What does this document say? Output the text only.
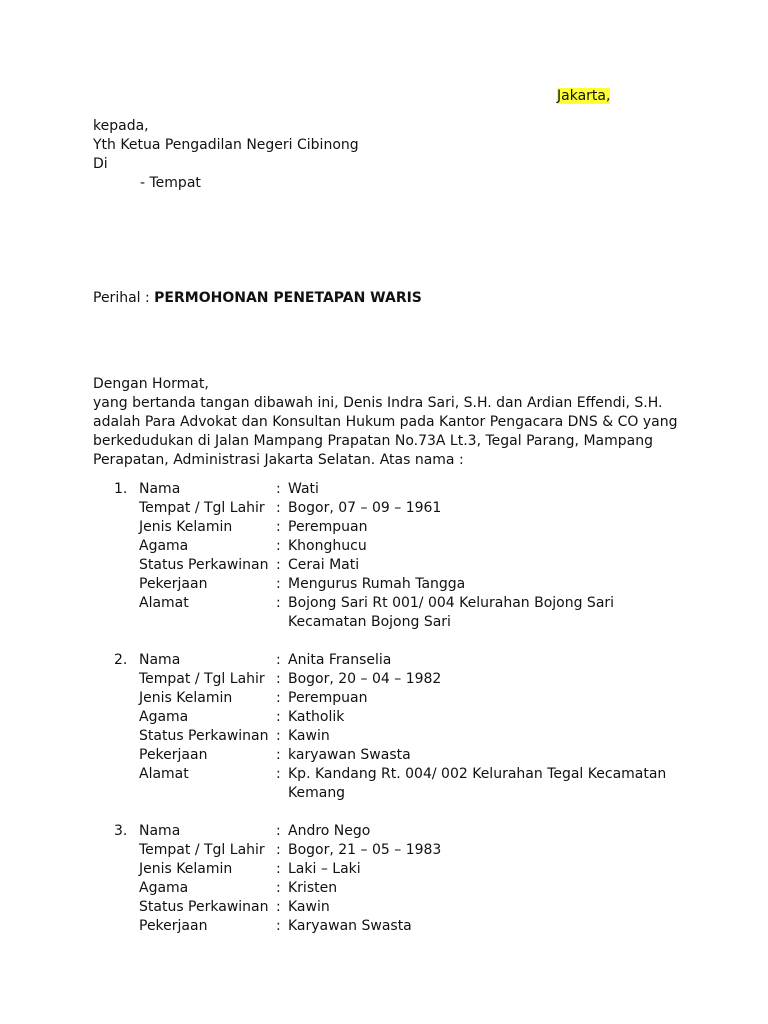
Jakarta,
kepada,
Yth Ketua Pengadilan Negeri Cibinong
Di
- Tempat
Perihal : PERMOHONAN PENETAPAN WARIS
Dengan Hormat,
yang bertanda tangan dibawah ini, Denis Indra Sari, S.H. dan Ardian Effendi, S.H.
adalah Para Advokat dan Konsultan Hukum pada Kantor Pengacara DNS & CO yang
berkedudukan di Jalan Mampang Prapatan No.73A Lt.3, Tegal Parang, Mampang
Perapatan, Administrasi Jakarta Selatan. Atas nama :
1. Nama	: Wati
Tempat / Tgl Lahir : Bogor, 07 – 09 – 1961
Jenis Kelamin	: Perempuan
Agama	: Khonghucu
Status Perkawinan : Cerai Mati
Pekerjaan	: Mengurus Rumah Tangga
Alamat	: Bojong Sari Rt 001/ 004 Kelurahan Bojong Sari
Kecamatan Bojong Sari
2. Nama	: Anita Franselia
Tempat / Tgl Lahir : Bogor, 20 – 04 – 1982
Jenis Kelamin	: Perempuan
Agama	: Katholik
Status Perkawinan : Kawin
Pekerjaan	: karyawan Swasta
Alamat	: Kp. Kandang Rt. 004/ 002 Kelurahan Tegal Kecamatan
Kemang
3. Nama	: Andro Nego
Tempat / Tgl Lahir : Bogor, 21 – 05 – 1983
Jenis Kelamin	: Laki – Laki
Agama	: Kristen
Status Perkawinan : Kawin
Pekerjaan	: Karyawan Swasta
